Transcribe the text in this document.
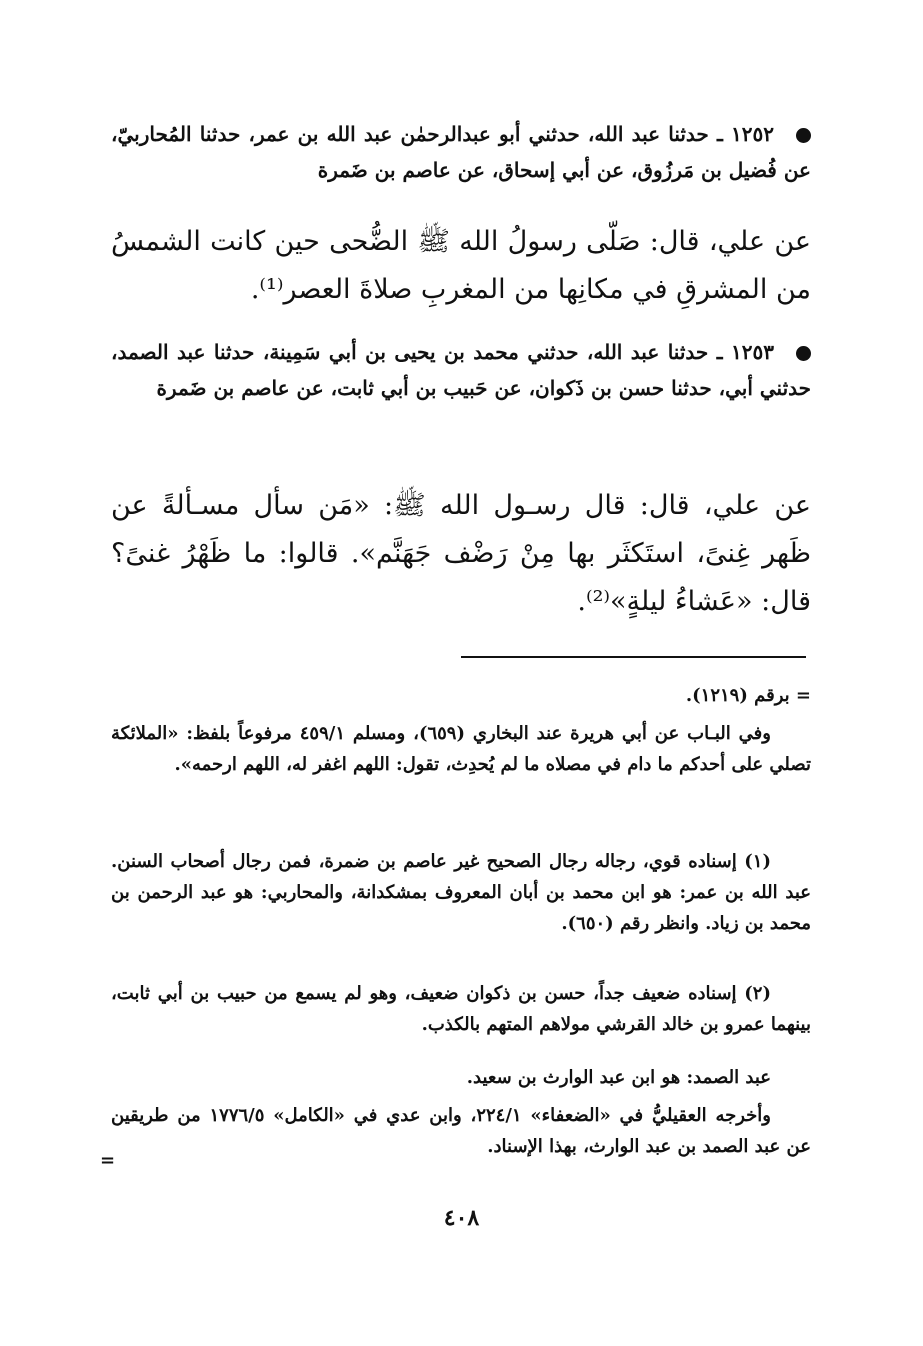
١٢٥٢ ـ حدثنا عبد الله، حدثني أبو عبدالرحمٰن عبد الله بن عمر، حدثنا المُحاربيّ، عن فُضيل بن مَرزُوق، عن أبي إسحاق، عن عاصم بن ضَمرة
عن علي، قال: صَلّى رسولُ الله ﷺ الضُّحى حين كانت الشمسُ من المشرقِ في مكانِها من المغربِ صلاةَ العصر⁽¹⁾.
١٢٥٣ ـ حدثنا عبد الله، حدثني محمد بن يحيى بن أبي سَمِينة، حدثنا عبد الصمد، حدثني أبي، حدثنا حسن بن ذَكوان، عن حَبيب بن أبي ثابت، عن عاصم بن ضَمرة
عن علي، قال: قال رسـول الله ﷺ: «مَن سأل مسـألةً عن ظَهر غِنىً، استَكثَر بها مِنْ رَضْف جَهَنَّم». قالوا: ما ظَهْرُ غنىً؟ قال: «عَشاءُ ليلةٍ»⁽²⁾.
= برقم (١٢١٩).
وفي البـاب عن أبي هريرة عند البخاري (٦٥٩)، ومسلم ٤٥٩/١ مرفوعاً بلفظ: «الملائكة تصلي على أحدكم ما دام في مصلاه ما لم يُحدِث، تقول: اللهم اغفر له، اللهم ارحمه».
(١) إسناده قوي، رجاله رجال الصحيح غير عاصم بن ضمرة، فمن رجال أصحاب السنن. عبد الله بن عمر: هو ابن محمد بن أبان المعروف بمشكدانة، والمحاربي: هو عبد الرحمن بن محمد بن زياد. وانظر رقم (٦٥٠).
(٢) إسناده ضعيف جداً، حسن بن ذكوان ضعيف، وهو لم يسمع من حبيب بن أبي ثابت، بينهما عمرو بن خالد القرشي مولاهم المتهم بالكذب.
عبد الصمد: هو ابن عبد الوارث بن سعيد.
وأخرجه العقيليُّ في «الضعفاء» ٢٢٤/١، وابن عدي في «الكامل» ١٧٧٦/٥ من طريقين عن عبد الصمد بن عبد الوارث، بهذا الإسناد.
=
٤٠٨
